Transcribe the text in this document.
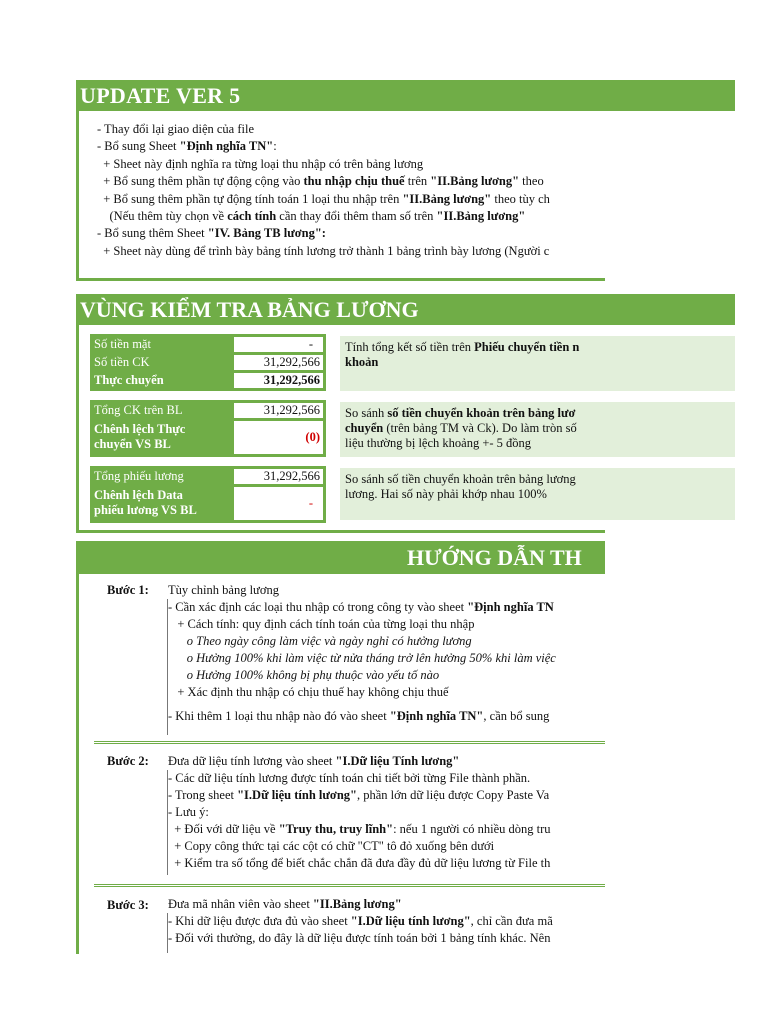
UPDATE VER 5
- Thay đổi lại giao diện của file
- Bổ sung Sheet "Định nghĩa TN":
+ Sheet này định nghĩa ra từng loại thu nhập có trên bảng lương
+ Bổ sung thêm phần tự động cộng vào thu nhập chịu thuế trên "II.Bảng lương" theo
+ Bổ sung thêm phần tự động tính toán 1 loại thu nhập trên "II.Bảng lương" theo tùy ch
(Nếu thêm tùy chọn về cách tính cần thay đổi thêm tham số trên "II.Bảng lương"
- Bổ sung thêm Sheet "IV. Bảng TB lương":
+ Sheet này dùng để trình bày bảng tính lương trở thành 1 bảng trình bày lương (Người c
VÙNG KIỂM TRA BẢNG LƯƠNG
Số tiền mặt	-
Số tiền CK	31,292,566
Thực chuyển	31,292,566
Tính tổng kết số tiền trên Phiếu chuyển tiền n
khoản
Tổng CK trên BL	31,292,566
Chênh lệch Thực
chuyển VS BL	(0)
So sánh số tiền chuyển khoản trên bảng lươ
chuyển (trên bảng TM và Ck). Do làm tròn số
liệu thường bị lệch khoảng +- 5 đồng
Tổng phiếu lương	31,292,566
Chênh lệch Data
phiếu lương VS BL	-
So sánh số tiền chuyển khoản trên bảng lương
lương. Hai số này phải khớp nhau 100%
HƯỚNG DẪN TH
Bước 1: Tùy chỉnh bảng lương
- Cần xác định các loại thu nhập có trong công ty vào sheet "Định nghĩa TN
+ Cách tính: quy định cách tính toán của từng loại thu nhập
o Theo ngày công làm việc và ngày nghỉ có hưởng lương
o Hưởng 100% khi làm việc từ nửa tháng trở lên hưởng 50% khi làm việc
o Hưởng 100% không bị phụ thuộc vào yếu tố nào
+ Xác định thu nhập có chịu thuế hay không chịu thuế
- Khi thêm 1 loại thu nhập nào đó vào sheet "Định nghĩa TN", cần bổ sung
Bước 2: Đưa dữ liệu tính lương vào sheet "I.Dữ liệu Tính lương"
- Các dữ liệu tính lương được tính toán chi tiết bởi từng File thành phần.
- Trong sheet "I.Dữ liệu tính lương", phần lớn dữ liệu được Copy Paste Va
- Lưu ý:
+ Đối với dữ liệu về "Truy thu, truy lĩnh": nếu 1 người có nhiều dòng tru
+ Copy công thức tại các cột có chữ "CT" tô đỏ xuống bên dưới
+ Kiểm tra số tổng để biết chắc chắn đã đưa đầy đủ dữ liệu lương từ File th
Bước 3: Đưa mã nhân viên vào sheet "II.Bảng lương"
- Khi dữ liệu được đưa đủ vào sheet "I.Dữ liệu tính lương", chỉ cần đưa mã
- Đối với thưởng, do đây là dữ liệu được tính toán bởi 1 bảng tính khác. Nên
